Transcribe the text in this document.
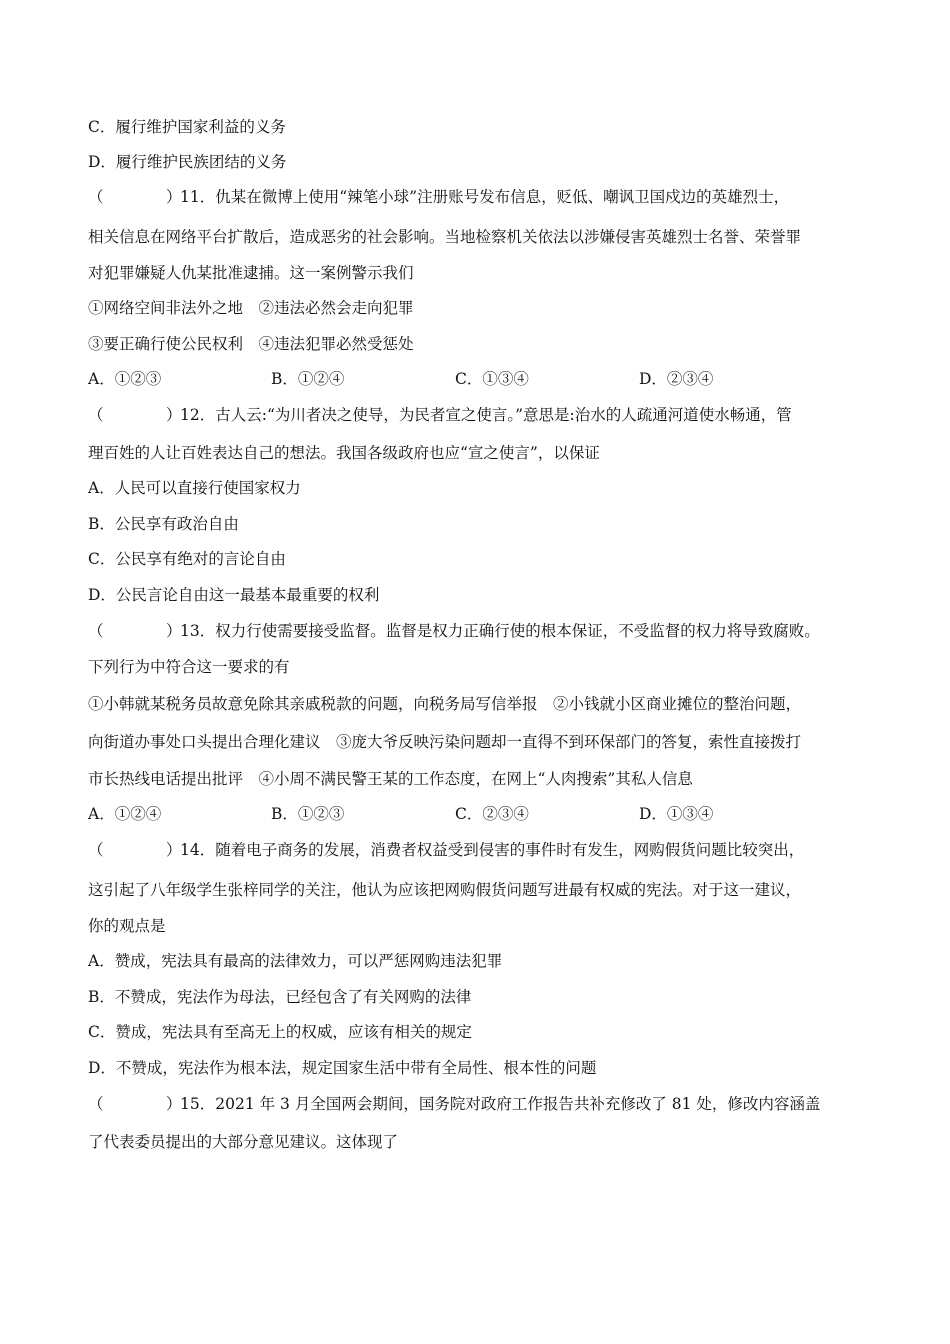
C．履行维护国家利益的义务
D．履行维护民族团结的义务
（	）11．仇某在微博上使用“辣笔小球”注册账号发布信息，贬低、嘲讽卫国戍边的英雄烈士，
相关信息在网络平台扩散后，造成恶劣的社会影响。当地检察机关依法以涉嫌侵害英雄烈士名誉、荣誉罪
对犯罪嫌疑人仇某批准逮捕。这一案例警示我们
①网络空间非法外之地　②违法必然会走向犯罪
③要正确行使公民权利　④违法犯罪必然受惩处
A．①②③	B．①②④	C．①③④	D．②③④
（	）12．古人云:“为川者决之使导，为民者宣之使言。”意思是:治水的人疏通河道使水畅通，管
理百姓的人让百姓表达自己的想法。我国各级政府也应“宣之使言”，以保证
A．人民可以直接行使国家权力
B．公民享有政治自由
C．公民享有绝对的言论自由
D．公民言论自由这一最基本最重要的权利
（	）13．权力行使需要接受监督。监督是权力正确行使的根本保证，不受监督的权力将导致腐败。
下列行为中符合这一要求的有
①小韩就某税务员故意免除其亲戚税款的问题，向税务局写信举报　②小钱就小区商业摊位的整治问题，
向街道办事处口头提出合理化建议　③庞大爷反映污染问题却一直得不到环保部门的答复，索性直接拨打
市长热线电话提出批评　④小周不满民警王某的工作态度，在网上“人肉搜索”其私人信息
A．①②④	B．①②③	C．②③④	D．①③④
（	）14．随着电子商务的发展，消费者权益受到侵害的事件时有发生，网购假货问题比较突出，
这引起了八年级学生张梓同学的关注，他认为应该把网购假货问题写进最有权威的宪法。对于这一建议，
你的观点是
A．赞成，宪法具有最高的法律效力，可以严惩网购违法犯罪
B．不赞成，宪法作为母法，已经包含了有关网购的法律
C．赞成，宪法具有至高无上的权威，应该有相关的规定
D．不赞成，宪法作为根本法，规定国家生活中带有全局性、根本性的问题
（	）15．2021 年 3 月全国两会期间，国务院对政府工作报告共补充修改了 81 处，修改内容涵盖
了代表委员提出的大部分意见建议。这体现了
